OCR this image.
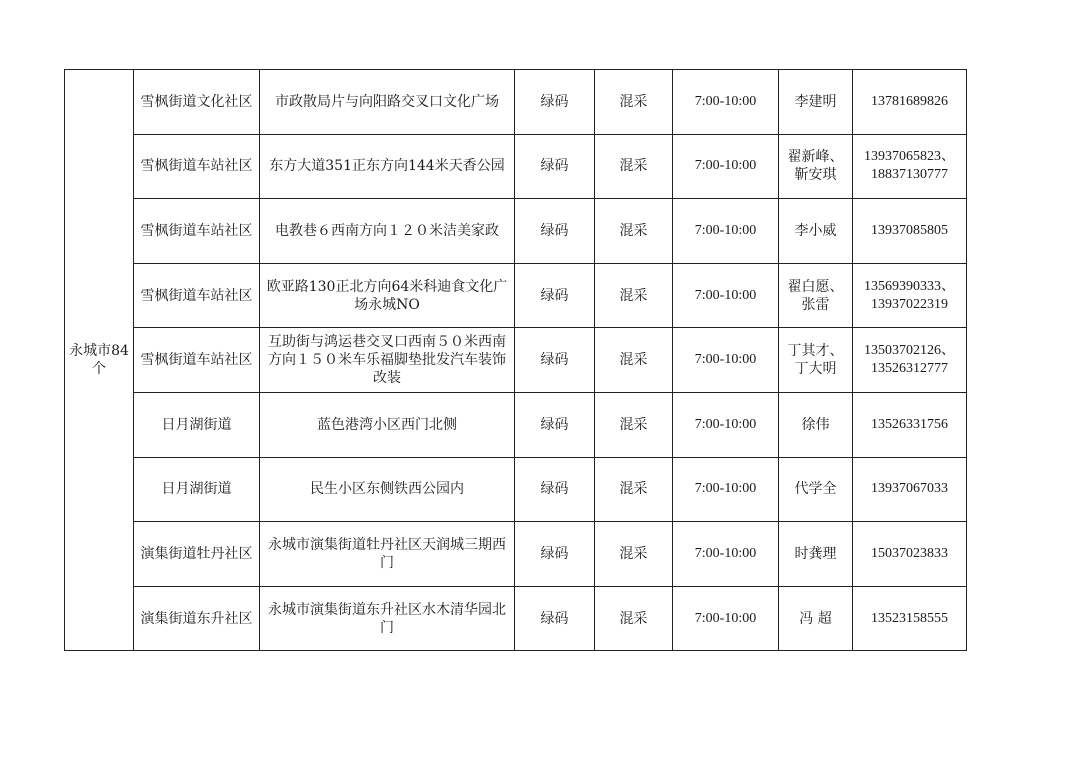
永城市84个	雪枫街道文化社区	市政散局片与向阳路交叉口文化广场	绿码	混采	7:00-10:00	李建明	13781689826
	雪枫街道车站社区	东方大道351正东方向144米天香公园	绿码	混采	7:00-10:00	翟新峰、靳安琪	13937065823、18837130777
	雪枫街道车站社区	电教巷６西南方向１２０米洁美家政	绿码	混采	7:00-10:00	李小威	13937085805
	雪枫街道车站社区	欧亚路130正北方向64米科迪食文化广场永城NO	绿码	混采	7:00-10:00	翟白愿、张雷	13569390333、13937022319
	雪枫街道车站社区	互助街与鸿运巷交叉口西南５０米西南方向１５０米车乐福脚垫批发汽车装饰改装	绿码	混采	7:00-10:00	丁其才、丁大明	13503702126、13526312777
	日月湖街道	蓝色港湾小区西门北侧	绿码	混采	7:00-10:00	徐伟	13526331756
	日月湖街道	民生小区东侧铁西公园内	绿码	混采	7:00-10:00	代学全	13937067033
	演集街道牡丹社区	永城市演集街道牡丹社区天润城三期西门	绿码	混采	7:00-10:00	时龚理	15037023833
	演集街道东升社区	永城市演集街道东升社区水木清华园北门	绿码	混采	7:00-10:00	冯 超	13523158555
